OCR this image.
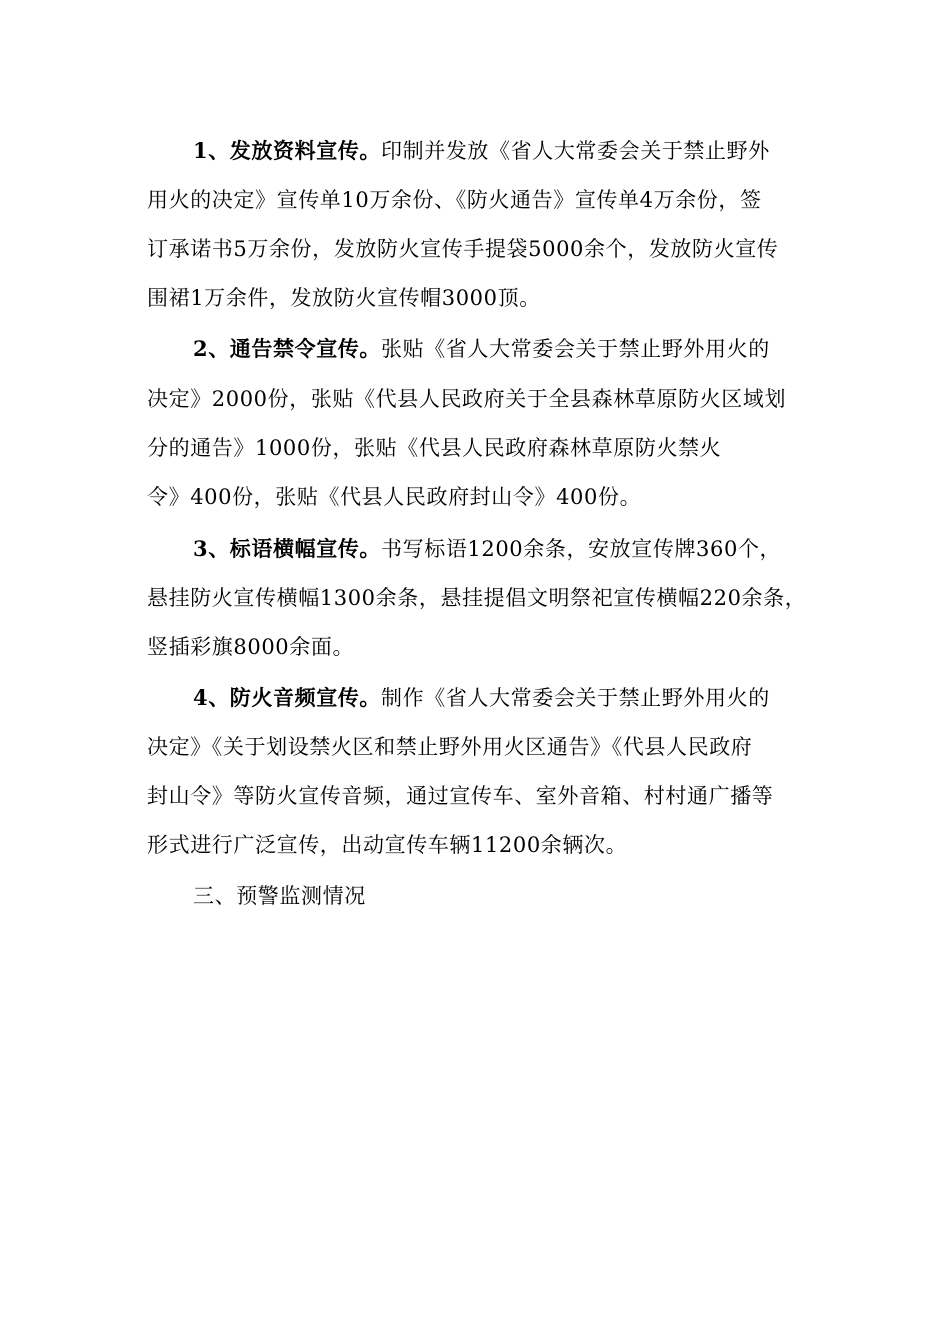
1、发放资料宣传。印制并发放《省人大常委会关于禁止野外
用火的决定》宣传单10万余份、《防火通告》宣传单4万余份，签
订承诺书5万余份，发放防火宣传手提袋5000余个，发放防火宣传
围裙1万余件，发放防火宣传帽3000顶。
2、通告禁令宣传。张贴《省人大常委会关于禁止野外用火的
决定》2000份，张贴《代县人民政府关于全县森林草原防火区域划
分的通告》1000份，张贴《代县人民政府森林草原防火禁火
令》400份，张贴《代县人民政府封山令》400份。
3、标语横幅宣传。书写标语1200余条，安放宣传牌360个，
悬挂防火宣传横幅1300余条，悬挂提倡文明祭祀宣传横幅220余条，
竖插彩旗8000余面。
4、防火音频宣传。制作《省人大常委会关于禁止野外用火的
决定》《关于划设禁火区和禁止野外用火区通告》《代县人民政府
封山令》等防火宣传音频，通过宣传车、室外音箱、村村通广播等
形式进行广泛宣传，出动宣传车辆11200余辆次。
三、预警监测情况
